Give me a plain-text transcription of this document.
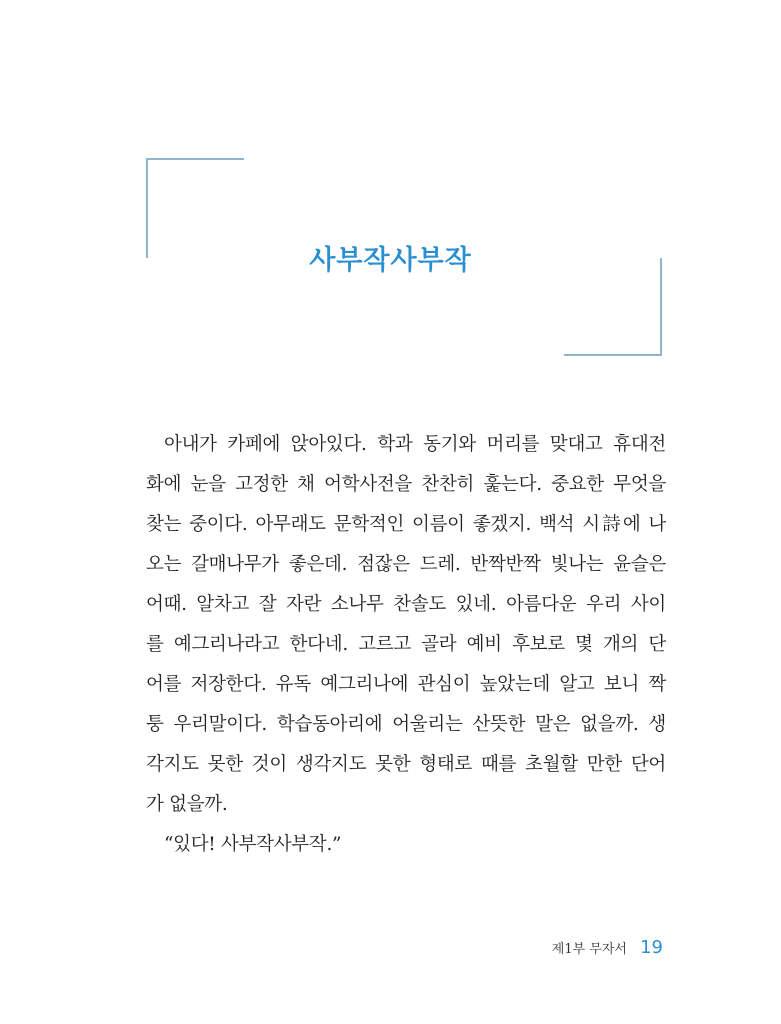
사부작사부작
아내가 카페에 앉아있다. 학과 동기와 머리를 맞대고 휴대전
화에 눈을 고정한 채 어학사전을 찬찬히 훑는다. 중요한 무엇을
찾는 중이다. 아무래도 문학적인 이름이 좋겠지. 백석 시詩에 나
오는 갈매나무가 좋은데. 점잖은 드레. 반짝반짝 빛나는 윤슬은
어때. 알차고 잘 자란 소나무 찬솔도 있네. 아름다운 우리 사이
를 예그리나라고 한다네. 고르고 골라 예비 후보로 몇 개의 단
어를 저장한다. 유독 예그리나에 관심이 높았는데 알고 보니 짝
퉁 우리말이다. 학습동아리에 어울리는 산뜻한 말은 없을까. 생
각지도 못한 것이 생각지도 못한 형태로 때를 초월할 만한 단어
가 없을까.
“있다! 사부작사부작.”
제1부 무자서 19
